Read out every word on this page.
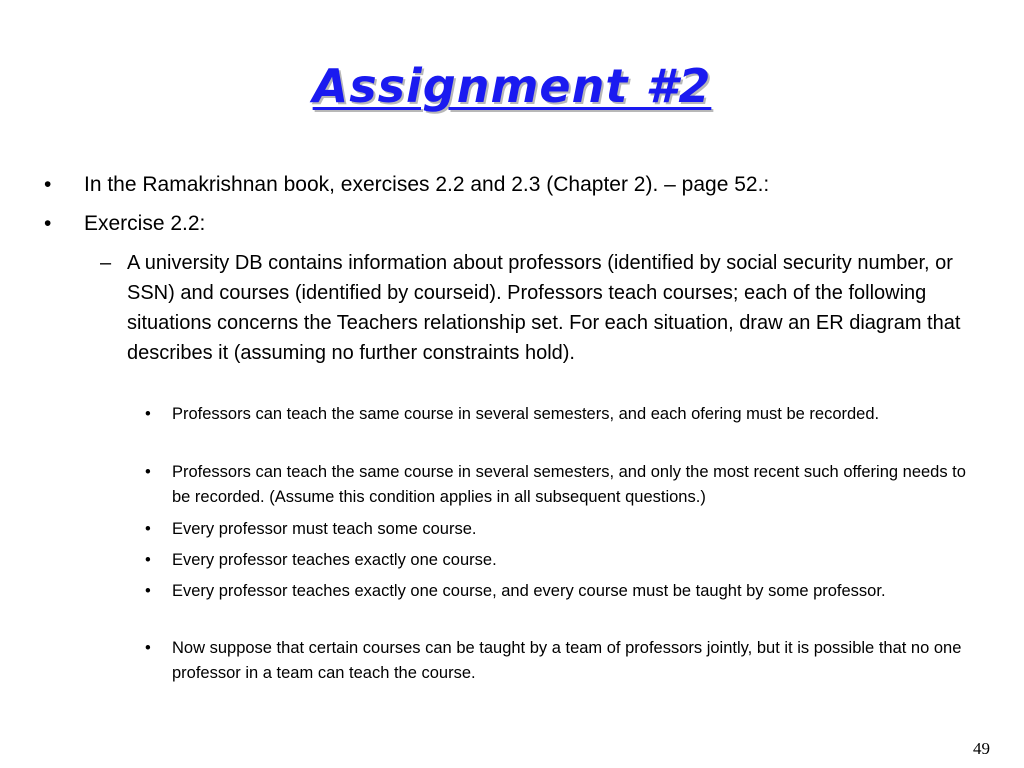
Assignment #2
• In the Ramakrishnan book, exercises 2.2 and 2.3 (Chapter 2). – page 52.:
• Exercise 2.2:
– A university DB contains information about professors (identified by social security number, or SSN) and courses (identified by courseid). Professors teach courses; each of the following situations concerns the Teachers relationship set. For each situation, draw an ER diagram that describes it (assuming no further constraints hold).
• Professors can teach the same course in several semesters, and each ofering must be recorded.
• Professors can teach the same course in several semesters, and only the most recent such offering needs to be recorded. (Assume this condition applies in all subsequent questions.)
• Every professor must teach some course.
• Every professor teaches exactly one course.
• Every professor teaches exactly one course, and every course must be taught by some professor.
• Now suppose that certain courses can be taught by a team of professors jointly, but it is possible that no one professor in a team can teach the course.
49
